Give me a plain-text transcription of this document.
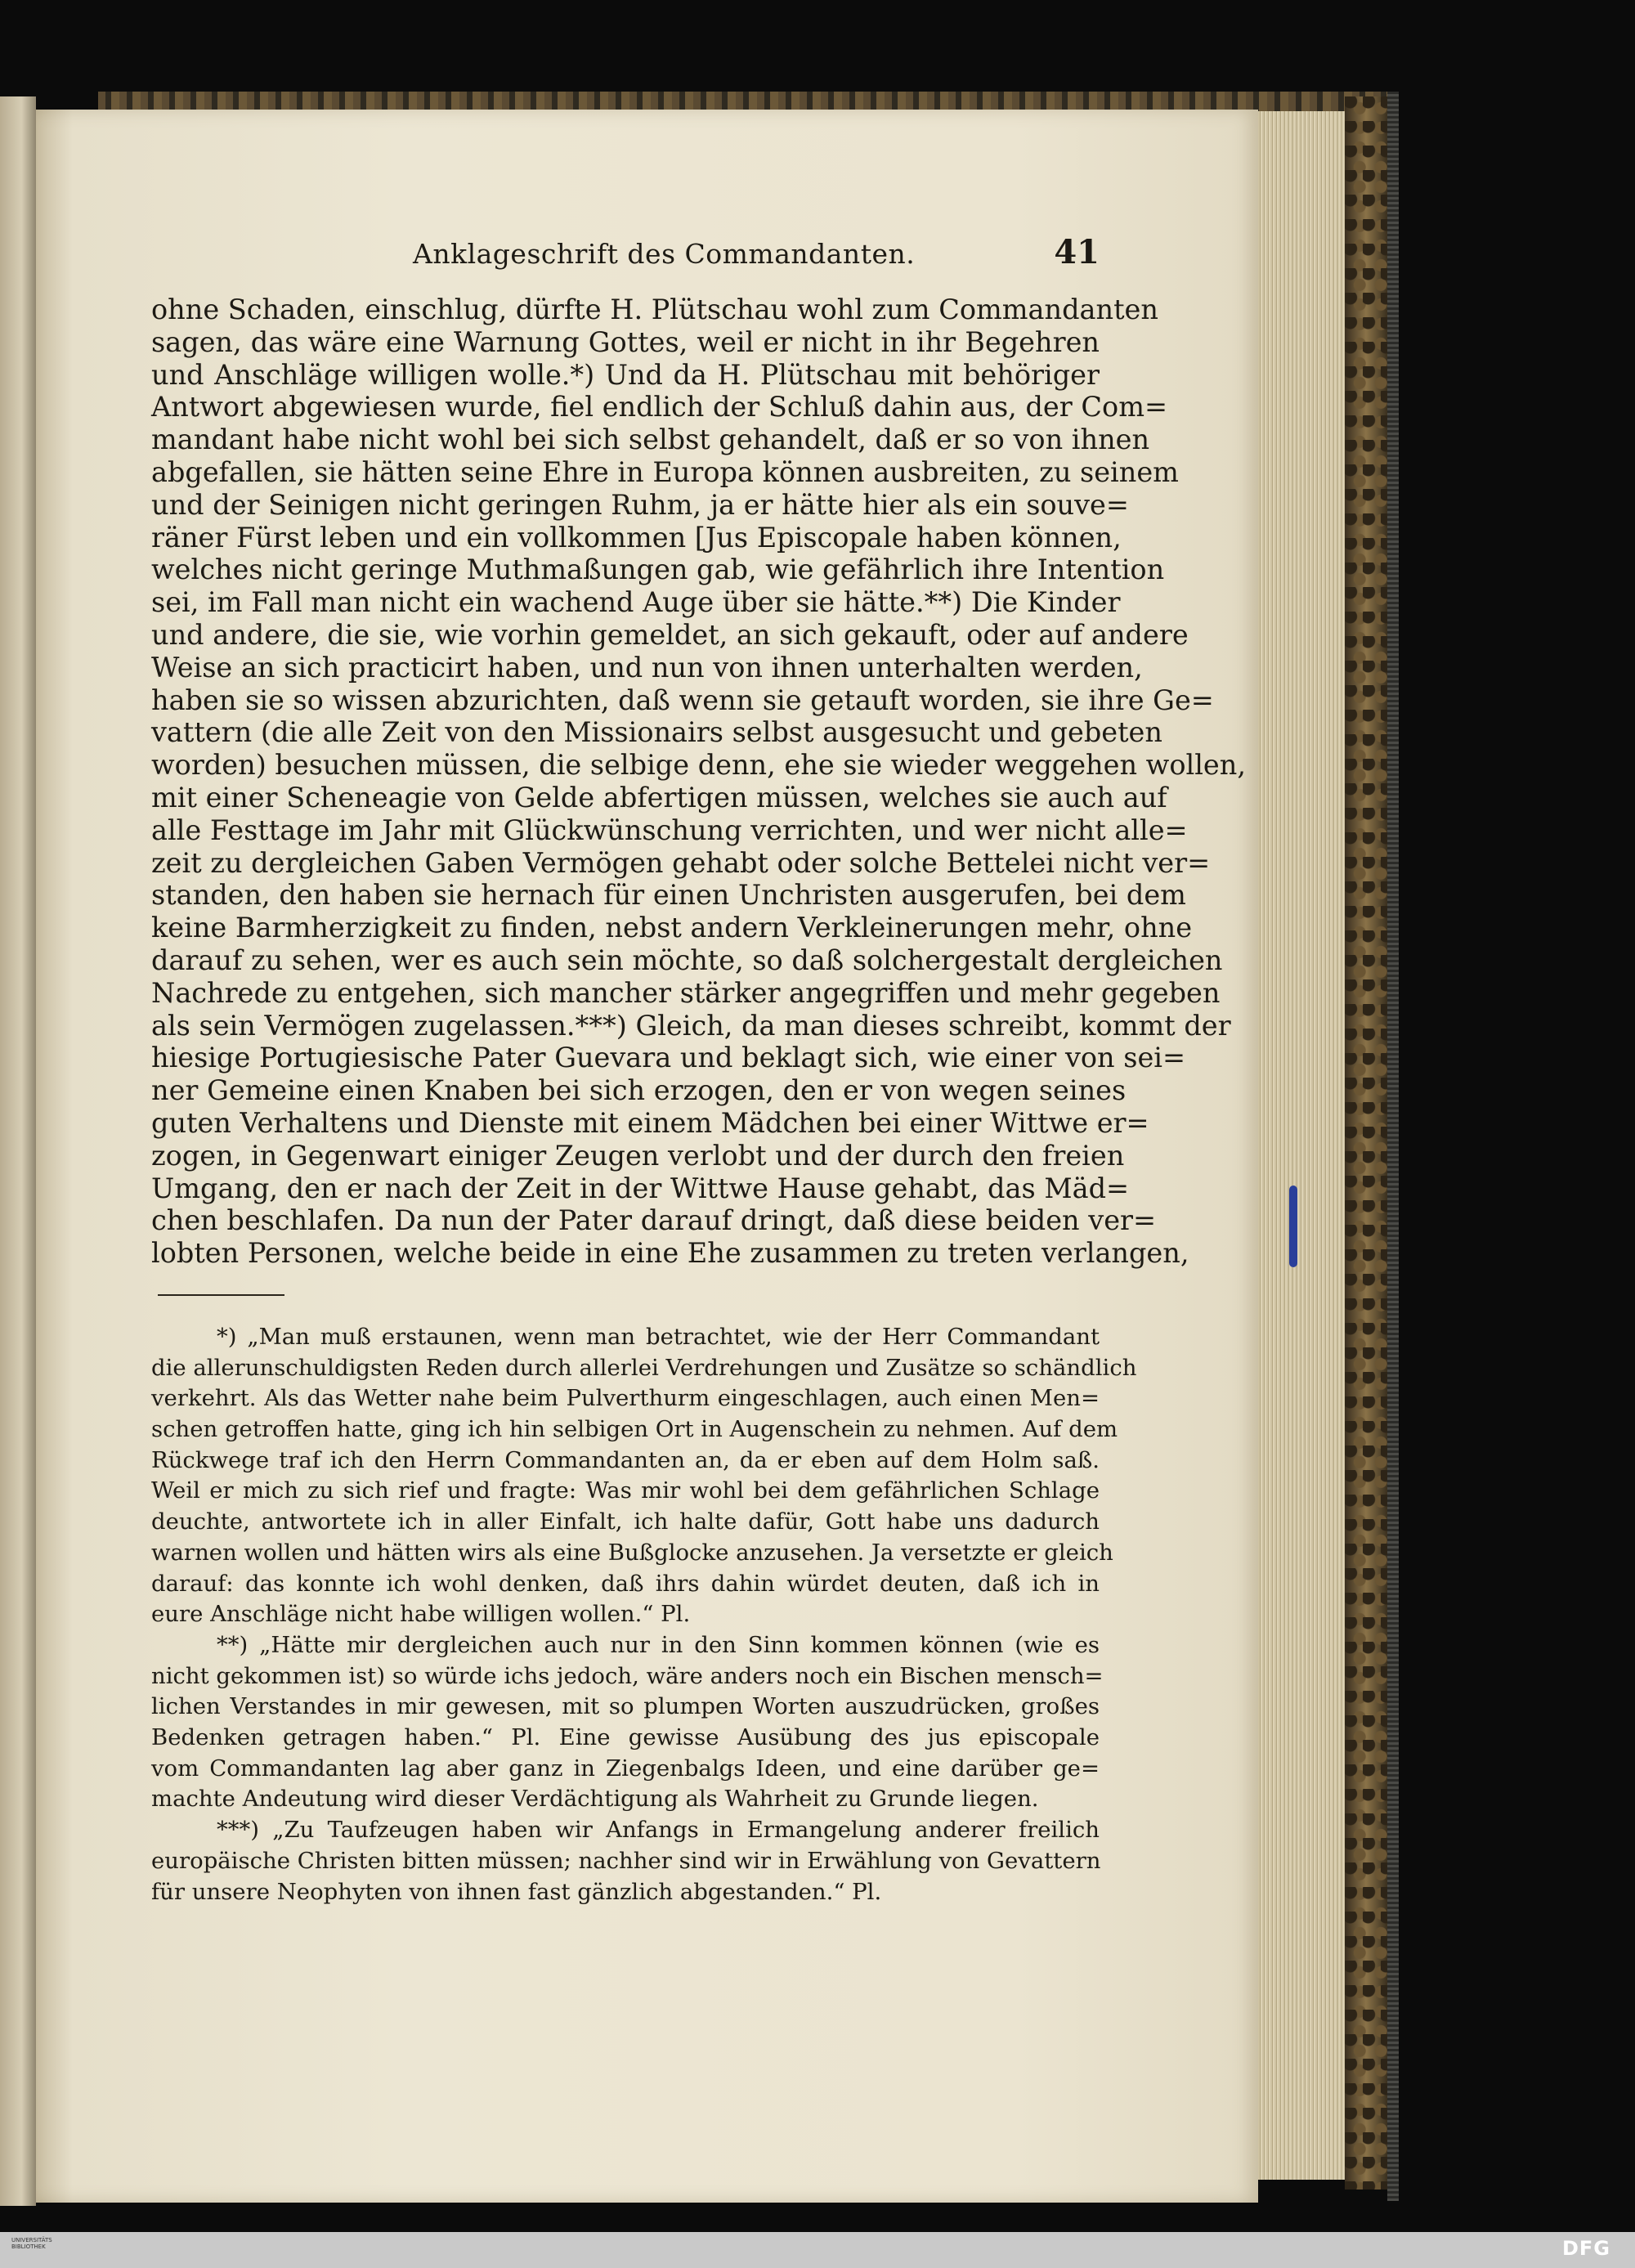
Anklageschrift des Commandanten.	41

ohne Schaden, einschlug, dürfte H. Plütschau wohl zum Commandanten

sagen, das wäre eine Warnung Gottes, weil er nicht in ihr Begehren

und Anschläge willigen wolle.*) Und da H. Plütschau mit behöriger

Antwort abgewiesen wurde, fiel endlich der Schluß dahin aus, der Com=

mandant habe nicht wohl bei sich selbst gehandelt, daß er so von ihnen

abgefallen, sie hätten seine Ehre in Europa können ausbreiten, zu seinem

und der Seinigen nicht geringen Ruhm, ja er hätte hier als ein souve=

räner Fürst leben und ein vollkommen [Jus Episcopale haben können,

welches nicht geringe Muthmaßungen gab, wie gefährlich ihre Intention

sei, im Fall man nicht ein wachend Auge über sie hätte.**) Die Kinder

und andere, die sie, wie vorhin gemeldet, an sich gekauft, oder auf andere

Weise an sich practicirt haben, und nun von ihnen unterhalten werden,

haben sie so wissen abzurichten, daß wenn sie getauft worden, sie ihre Ge=

vattern (die alle Zeit von den Missionairs selbst ausgesucht und gebeten

worden) besuchen müssen, die selbige denn, ehe sie wieder weggehen wollen,

mit einer Scheneagie von Gelde abfertigen müssen, welches sie auch auf

alle Festtage im Jahr mit Glückwünschung verrichten, und wer nicht alle=

zeit zu dergleichen Gaben Vermögen gehabt oder solche Bettelei nicht ver=

standen, den haben sie hernach für einen Unchristen ausgerufen, bei dem

keine Barmherzigkeit zu finden, nebst andern Verkleinerungen mehr, ohne

darauf zu sehen, wer es auch sein möchte, so daß solchergestalt dergleichen

Nachrede zu entgehen, sich mancher stärker angegriffen und mehr gegeben

als sein Vermögen zugelassen.***) Gleich, da man dieses schreibt, kommt der

hiesige Portugiesische Pater Guevara und beklagt sich, wie einer von sei=

ner Gemeine einen Knaben bei sich erzogen, den er von wegen seines

guten Verhaltens und Dienste mit einem Mädchen bei einer Wittwe er=

zogen, in Gegenwart einiger Zeugen verlobt und der durch den freien

Umgang, den er nach der Zeit in der Wittwe Hause gehabt, das Mäd=

chen beschlafen. Da nun der Pater darauf dringt, daß diese beiden ver=

lobten Personen, welche beide in eine Ehe zusammen zu treten verlangen,

*) „Man muß erstaunen, wenn man betrachtet, wie der Herr Commandant

die allerunschuldigsten Reden durch allerlei Verdrehungen und Zusätze so schändlich

verkehrt. Als das Wetter nahe beim Pulverthurm eingeschlagen, auch einen Men=

schen getroffen hatte, ging ich hin selbigen Ort in Augenschein zu nehmen. Auf dem

Rückwege traf ich den Herrn Commandanten an, da er eben auf dem Holm saß.

Weil er mich zu sich rief und fragte: Was mir wohl bei dem gefährlichen Schlage

deuchte, antwortete ich in aller Einfalt, ich halte dafür, Gott habe uns dadurch

warnen wollen und hätten wirs als eine Bußglocke anzusehen. Ja versetzte er gleich

darauf: das konnte ich wohl denken, daß ihrs dahin würdet deuten, daß ich in

eure Anschläge nicht habe willigen wollen.“ Pl.

**) „Hätte mir dergleichen auch nur in den Sinn kommen können (wie es

nicht gekommen ist) so würde ichs jedoch, wäre anders noch ein Bischen mensch=

lichen Verstandes in mir gewesen, mit so plumpen Worten auszudrücken, großes

Bedenken getragen haben.“ Pl. Eine gewisse Ausübung des jus episcopale

vom Commandanten lag aber ganz in Ziegenbalgs Ideen, und eine darüber ge=

machte Andeutung wird dieser Verdächtigung als Wahrheit zu Grunde liegen.

***) „Zu Taufzeugen haben wir Anfangs in Ermangelung anderer freilich

europäische Christen bitten müssen; nachher sind wir in Erwählung von Gevattern

für unsere Neophyten von ihnen fast gänzlich abgestanden.“ Pl.

UNIVERSITÄTS BIBLIOTHEK	DFG
